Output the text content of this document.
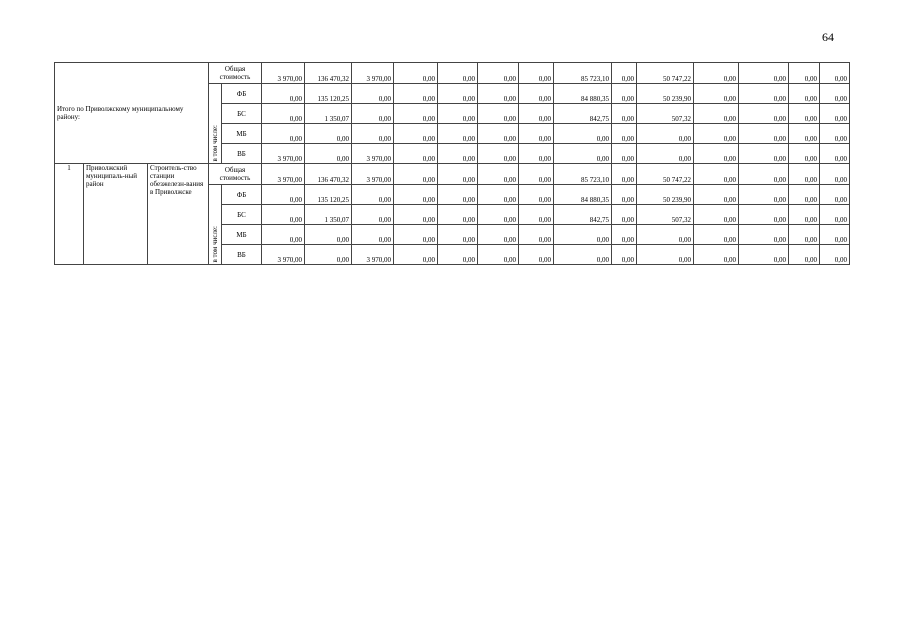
64
Итого по Приволжскому муниципальному району:			Общая стоимость		3 970,00	136 470,32	3 970,00	0,00	0,00	0,00	0,00	85 723,10	0,00	50 747,22	0,00	0,00	0,00	0,00
			в том числе:	ФБ	0,00	135 120,25	0,00	0,00	0,00	0,00	0,00	84 880,35	0,00	50 239,90	0,00	0,00	0,00	0,00
				БС	0,00	1 350,07	0,00	0,00	0,00	0,00	0,00	842,75	0,00	507,32	0,00	0,00	0,00	0,00
				МБ	0,00	0,00	0,00	0,00	0,00	0,00	0,00	0,00	0,00	0,00	0,00	0,00	0,00	0,00
				ВБ	3 970,00	0,00	3 970,00	0,00	0,00	0,00	0,00	0,00	0,00	0,00	0,00	0,00	0,00	0,00
1	Приволжский муниципаль-ный район	Строитель-ство станции обезжелезн-вания в Приволжске	Общая стоимость		3 970,00	136 470,32	3 970,00	0,00	0,00	0,00	0,00	85 723,10	0,00	50 747,22	0,00	0,00	0,00	0,00
			в том числе:	ФБ	0,00	135 120,25	0,00	0,00	0,00	0,00	0,00	84 880,35	0,00	50 239,90	0,00	0,00	0,00	0,00
				БС	0,00	1 350,07	0,00	0,00	0,00	0,00	0,00	842,75	0,00	507,32	0,00	0,00	0,00	0,00
				МБ	0,00	0,00	0,00	0,00	0,00	0,00	0,00	0,00	0,00	0,00	0,00	0,00	0,00	0,00
				ВБ	3 970,00	0,00	3 970,00	0,00	0,00	0,00	0,00	0,00	0,00	0,00	0,00	0,00	0,00	0,00
